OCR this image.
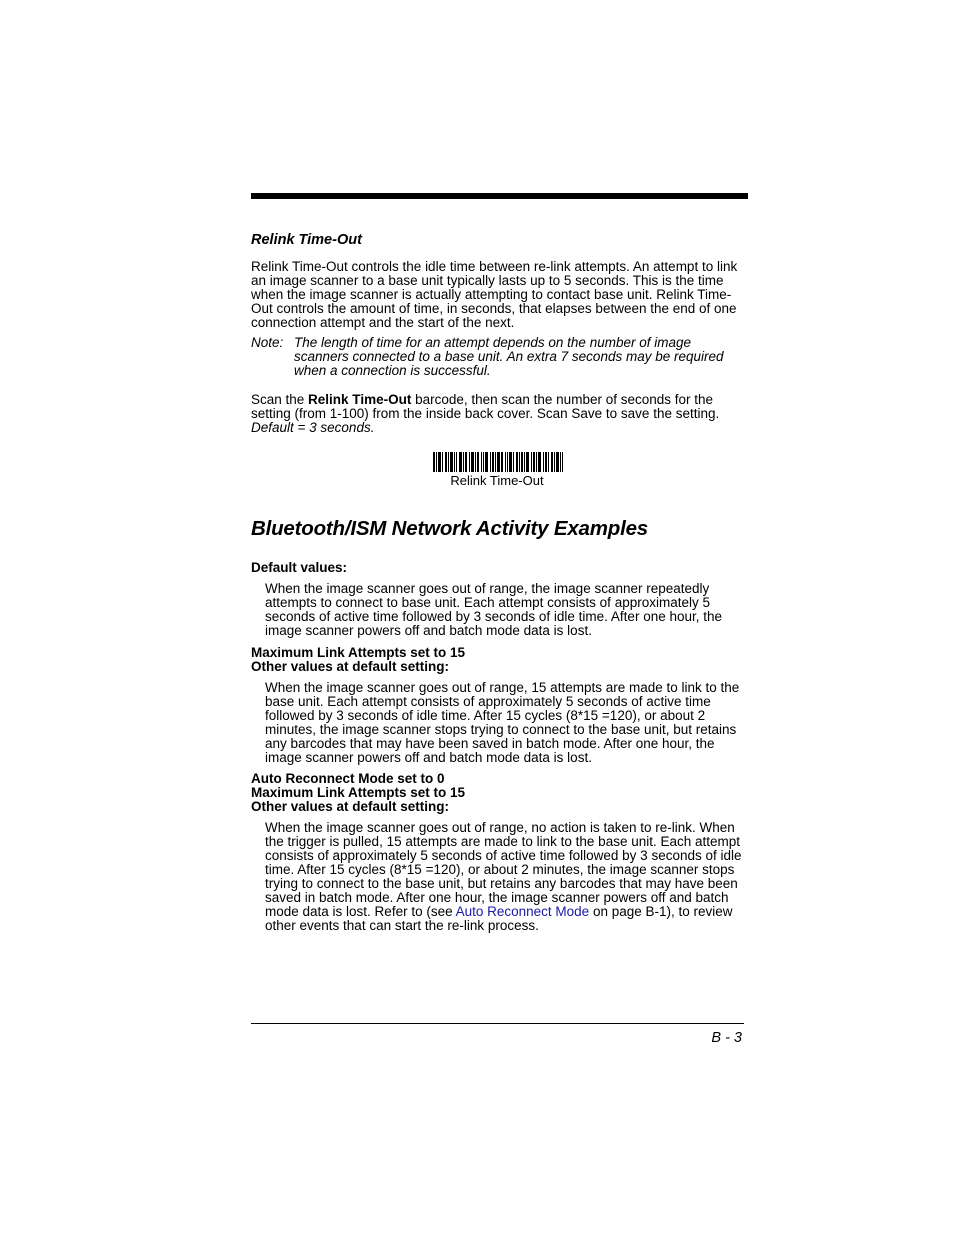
Relink Time-Out

Relink Time-Out controls the idle time between re-link attempts. An attempt to link an image scanner to a base unit typically lasts up to 5 seconds. This is the time when the image scanner is actually attempting to contact base unit. Relink Time-Out controls the amount of time, in seconds, that elapses between the end of one connection attempt and the start of the next.

Note: The length of time for an attempt depends on the number of image scanners connected to a base unit. An extra 7 seconds may be required when a connection is successful.

Scan the Relink Time-Out barcode, then scan the number of seconds for the setting (from 1-100) from the inside back cover. Scan Save to save the setting.
Default = 3 seconds.

Relink Time-Out
Bluetooth/ISM Network Activity Examples

Default values:

When the image scanner goes out of range, the image scanner repeatedly attempts to connect to base unit. Each attempt consists of approximately 5 seconds of active time followed by 3 seconds of idle time. After one hour, the image scanner powers off and batch mode data is lost.

Maximum Link Attempts set to 15
Other values at default setting:

When the image scanner goes out of range, 15 attempts are made to link to the base unit. Each attempt consists of approximately 5 seconds of active time followed by 3 seconds of idle time. After 15 cycles (8*15 =120), or about 2 minutes, the image scanner stops trying to connect to the base unit, but retains any barcodes that may have been saved in batch mode. After one hour, the image scanner powers off and batch mode data is lost.

Auto Reconnect Mode set to 0
Maximum Link Attempts set to 15
Other values at default setting:

When the image scanner goes out of range, no action is taken to re-link. When the trigger is pulled, 15 attempts are made to link to the base unit. Each attempt consists of approximately 5 seconds of active time followed by 3 seconds of idle time. After 15 cycles (8*15 =120), or about 2 minutes, the image scanner stops trying to connect to the base unit, but retains any barcodes that may have been saved in batch mode. After one hour, the image scanner powers off and batch mode data is lost. Refer to (see Auto Reconnect Mode on page B-1), to review other events that can start the re-link process.

B - 3
